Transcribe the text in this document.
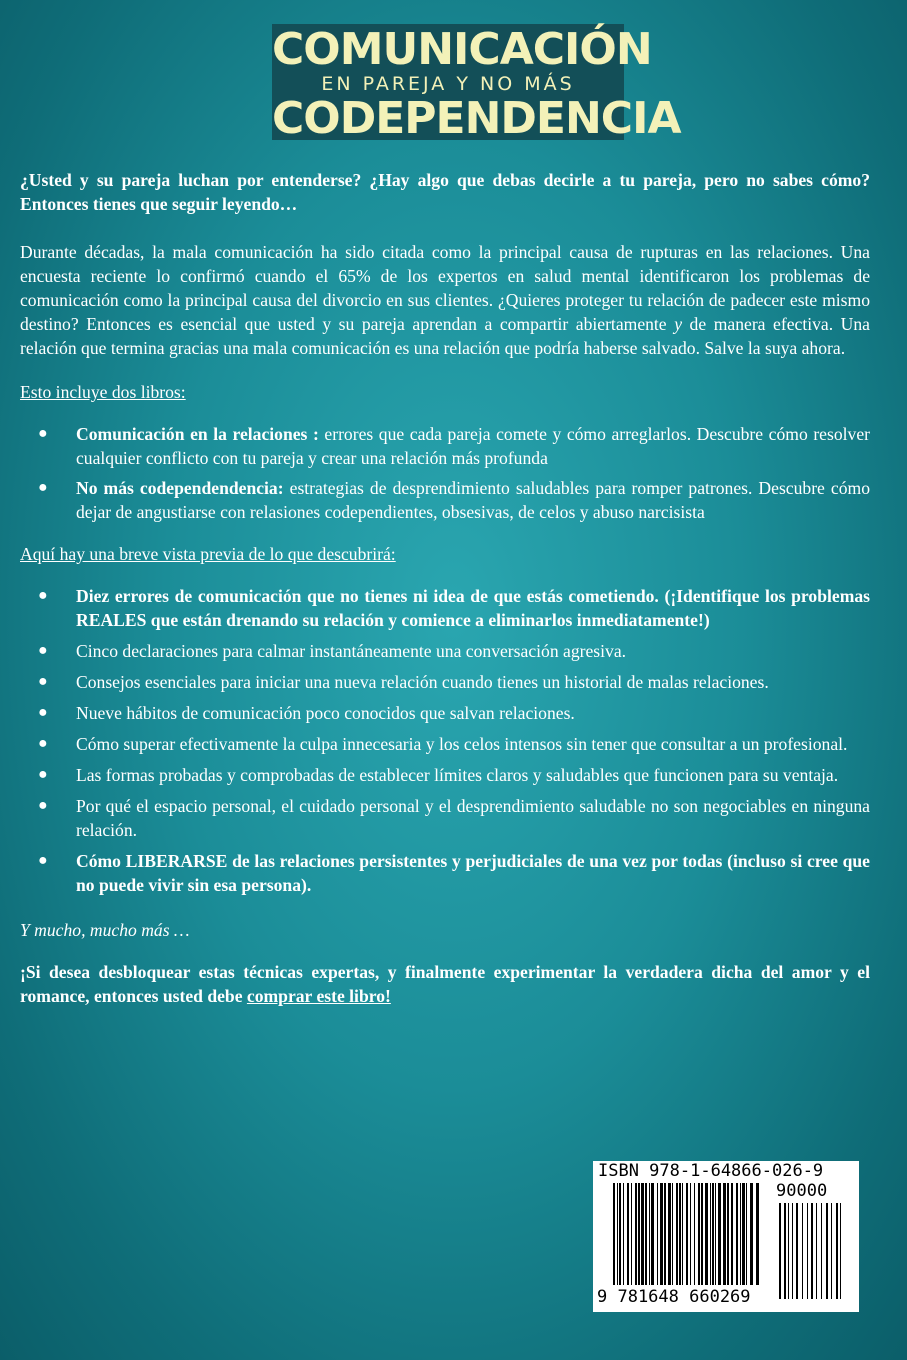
COMUNICACIÓN
EN PAREJA Y NO MÁS
CODEPENDENCIA

¿Usted y su pareja luchan por entenderse? ¿Hay algo que debas decirle a tu pareja, pero no sabes cómo? Entonces tienes que seguir leyendo…

Durante décadas, la mala comunicación ha sido citada como la principal causa de rupturas en las relaciones. Una encuesta reciente lo confirmó cuando el 65% de los expertos en salud mental identificaron los problemas de comunicación como la principal causa del divorcio en sus clientes. ¿Quieres proteger tu relación de padecer este mismo destino? Entonces es esencial que usted y su pareja aprendan a compartir abiertamente y de manera efectiva. Una relación que termina gracias una mala comunicación es una relación que podría haberse salvado. Salve la suya ahora.

Esto incluye dos libros:

● Comunicación en la relaciones : errores que cada pareja comete y cómo arreglarlos. Descubre cómo resolver cualquier conflicto con tu pareja y crear una relación más profunda
● No más codependendencia: estrategias de desprendimiento saludables para romper patrones. Descubre cómo dejar de angustiarse con relasiones codependientes, obsesivas, de celos y abuso narcisista

Aquí hay una breve vista previa de lo que descubrirá:

● Diez errores de comunicación que no tienes ni idea de que estás cometiendo. (¡Identifique los problemas REALES que están drenando su relación y comience a eliminarlos inmediatamente!)
● Cinco declaraciones para calmar instantáneamente una conversación agresiva.
● Consejos esenciales para iniciar una nueva relación cuando tienes un historial de malas relaciones.
● Nueve hábitos de comunicación poco conocidos que salvan relaciones.
● Cómo superar efectivamente la culpa innecesaria y los celos intensos sin tener que consultar a un profesional.
● Las formas probadas y comprobadas de establecer límites claros y saludables que funcionen para su ventaja.
● Por qué el espacio personal, el cuidado personal y el desprendimiento saludable no son negociables en ninguna relación.
● Cómo LIBERARSE de las relaciones persistentes y perjudiciales de una vez por todas (incluso si cree que no puede vivir sin esa persona).

Y mucho, mucho más …

¡Si desea desbloquear estas técnicas expertas, y finalmente experimentar la verdadera dicha del amor y el romance, entonces usted debe comprar este libro!

ISBN 978-1-64866-026-9
90000
9 781648 660269
